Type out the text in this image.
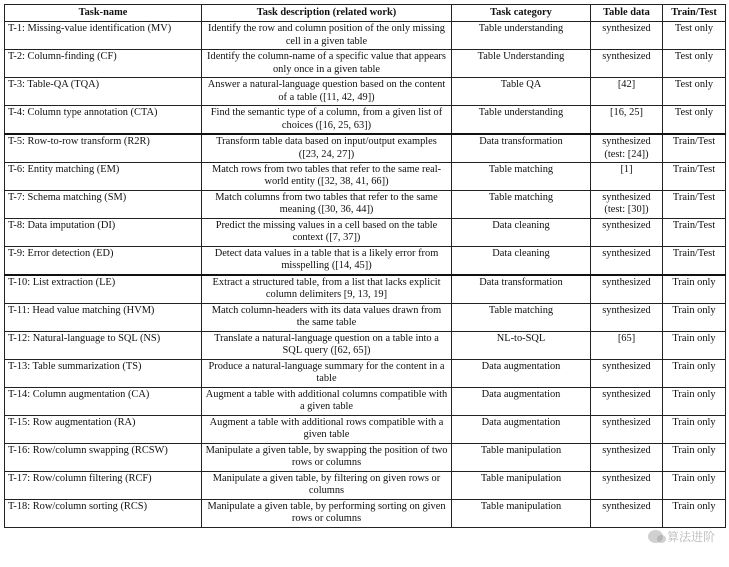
Task-name	Task description (related work)	Task category	Table data	Train/Test
T-1: Missing-value identification (MV)	Identify the row and column position of the only missing cell in a given table	Table understanding	synthesized	Test only
T-2: Column-finding (CF)	Identify the column-name of a specific value that appears only once in a given table	Table Understanding	synthesized	Test only
T-3: Table-QA (TQA)	Answer a natural-language question based on the content of a table ([11, 42, 49])	Table QA	[42]	Test only
T-4: Column type annotation (CTA)	Find the semantic type of a column, from a given list of choices ([16, 25, 63])	Table understanding	[16, 25]	Test only
T-5: Row-to-row transform (R2R)	Transform table data based on input/output examples ([23, 24, 27])	Data transformation	synthesized (test: [24])	Train/Test
T-6: Entity matching (EM)	Match rows from two tables that refer to the same real-world entity ([32, 38, 41, 66])	Table matching	[1]	Train/Test
T-7: Schema matching (SM)	Match columns from two tables that refer to the same meaning ([30, 36, 44])	Table matching	synthesized (test: [30])	Train/Test
T-8: Data imputation (DI)	Predict the missing values in a cell based on the table context ([7, 37])	Data cleaning	synthesized	Train/Test
T-9: Error detection (ED)	Detect data values in a table that is a likely error from misspelling ([14, 45])	Data cleaning	synthesized	Train/Test
T-10: List extraction (LE)	Extract a structured table, from a list that lacks explicit column delimiters [9, 13, 19]	Data transformation	synthesized	Train only
T-11: Head value matching (HVM)	Match column-headers with its data values drawn from the same table	Table matching	synthesized	Train only
T-12: Natural-language to SQL (NS)	Translate a natural-language question on a table into a SQL query ([62, 65])	NL-to-SQL	[65]	Train only
T-13: Table summarization (TS)	Produce a natural-language summary for the content in a table	Data augmentation	synthesized	Train only
T-14: Column augmentation (CA)	Augment a table with additional columns compatible with a given table	Data augmentation	synthesized	Train only
T-15: Row augmentation (RA)	Augment a table with additional rows compatible with a given table	Data augmentation	synthesized	Train only
T-16: Row/column swapping (RCSW)	Manipulate a given table, by swapping the position of two rows or columns	Table manipulation	synthesized	Train only
T-17: Row/column filtering (RCF)	Manipulate a given table, by filtering on given rows or columns	Table manipulation	synthesized	Train only
T-18: Row/column sorting (RCS)	Manipulate a given table, by performing sorting on given rows or columns	Table manipulation	synthesized	Train only
算法进阶
